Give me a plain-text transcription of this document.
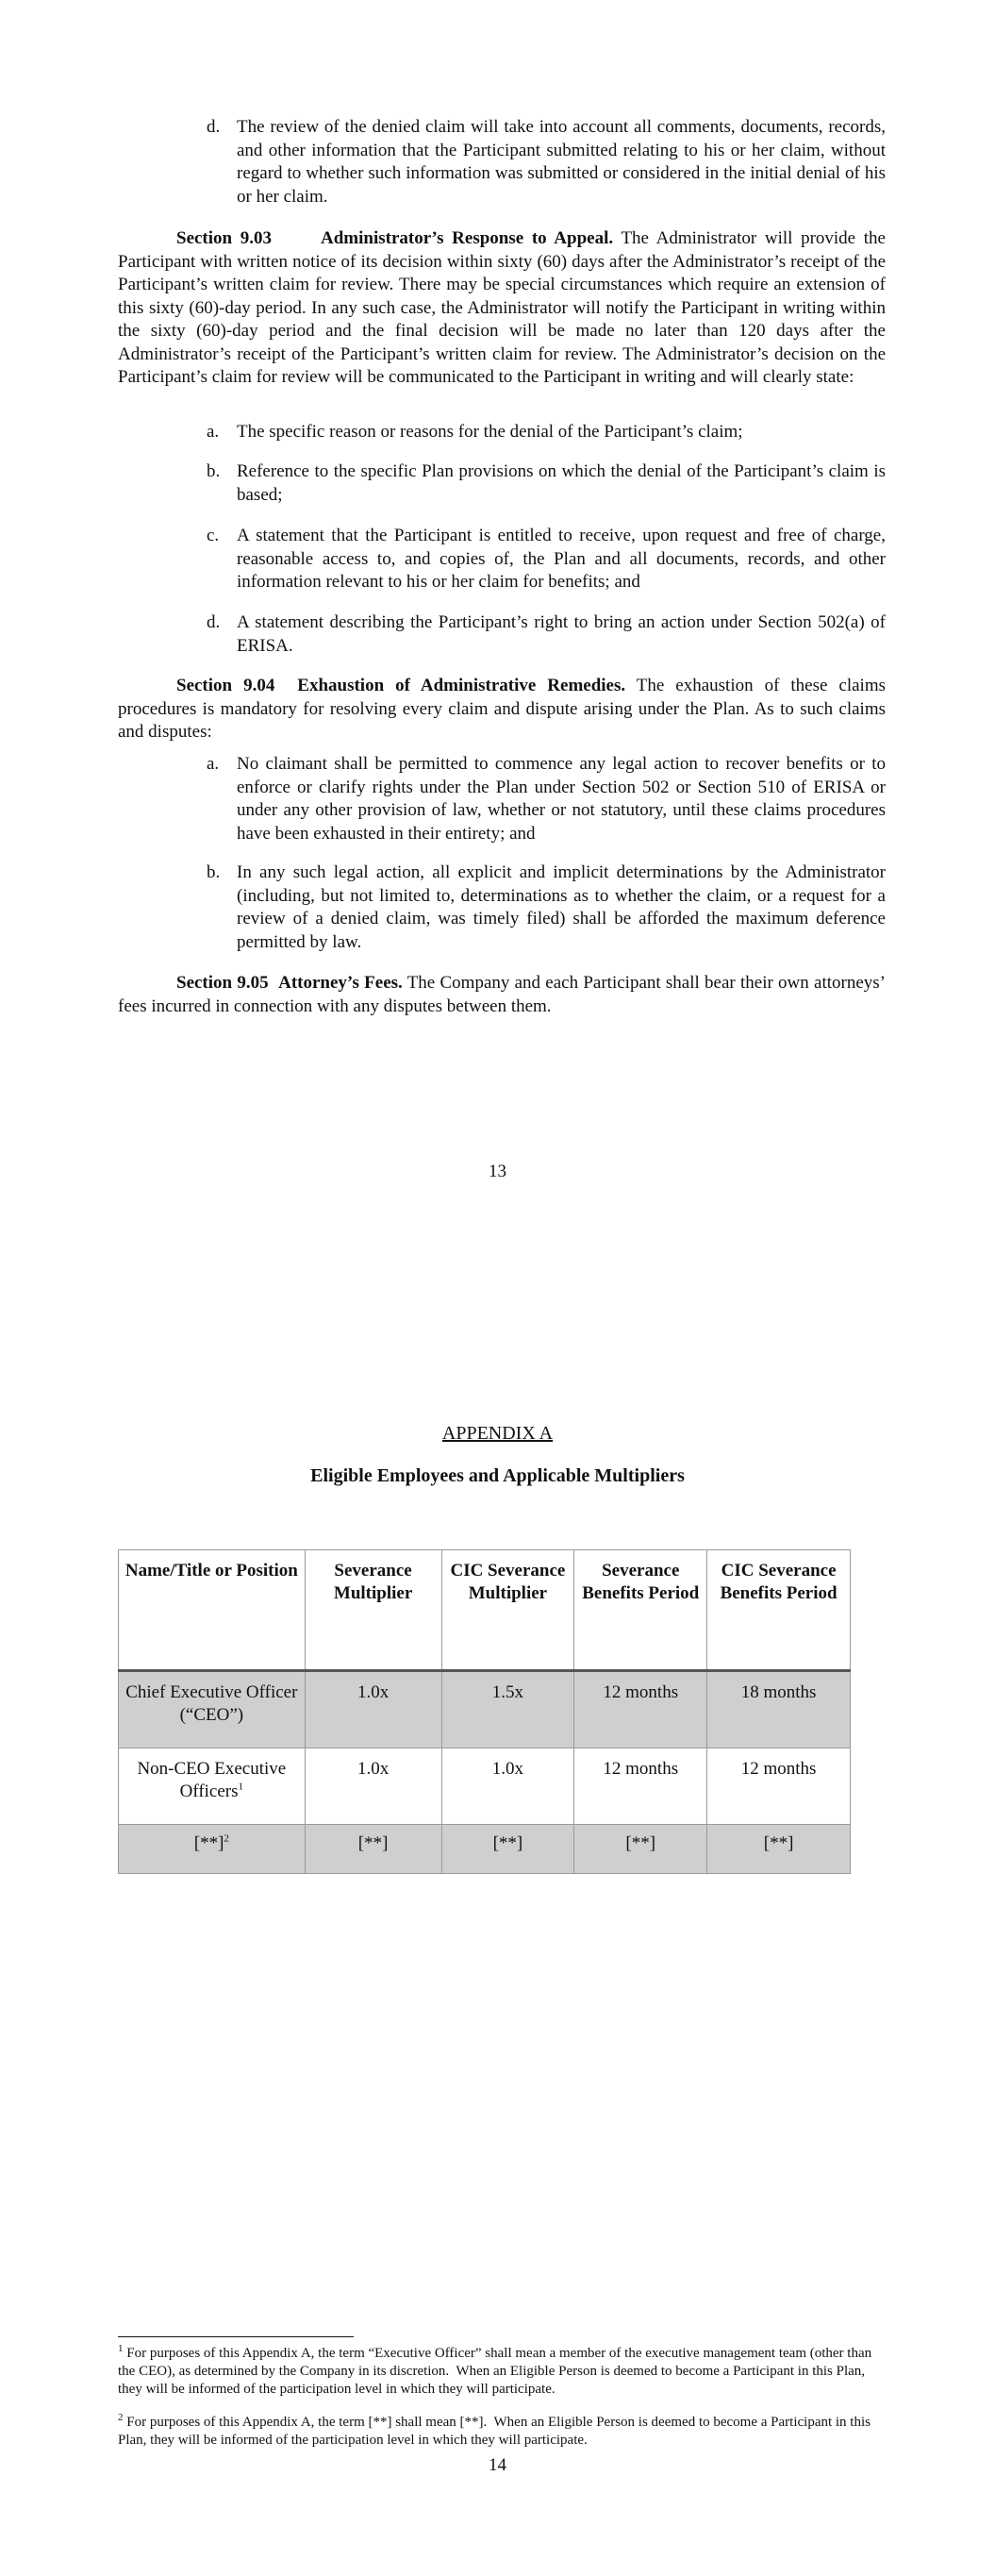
d. The review of the denied claim will take into account all comments, documents, records, and other information that the Participant submitted relating to his or her claim, without regard to whether such information was submitted or considered in the initial denial of his or her claim.
Section 9.03      Administrator’s Response to Appeal. The Administrator will provide the Participant with written notice of its decision within sixty (60) days after the Administrator’s receipt of the Participant’s written claim for review. There may be special circumstances which require an extension of this sixty (60)-day period. In any such case, the Administrator will notify the Participant in writing within the sixty (60)-day period and the final decision will be made no later than 120 days after the Administrator’s receipt of the Participant’s written claim for review. The Administrator’s decision on the Participant’s claim for review will be communicated to the Participant in writing and will clearly state:
a. The specific reason or reasons for the denial of the Participant’s claim;
b. Reference to the specific Plan provisions on which the denial of the Participant’s claim is based;
c. A statement that the Participant is entitled to receive, upon request and free of charge, reasonable access to, and copies of, the Plan and all documents, records, and other information relevant to his or her claim for benefits; and
d. A statement describing the Participant’s right to bring an action under Section 502(a) of ERISA.
Section 9.04  Exhaustion of Administrative Remedies. The exhaustion of these claims procedures is mandatory for resolving every claim and dispute arising under the Plan. As to such claims and disputes:
a. No claimant shall be permitted to commence any legal action to recover benefits or to enforce or clarify rights under the Plan under Section 502 or Section 510 of ERISA or under any other provision of law, whether or not statutory, until these claims procedures have been exhausted in their entirety; and
b. In any such legal action, all explicit and implicit determinations by the Administrator (including, but not limited to, determinations as to whether the claim, or a request for a review of a denied claim, was timely filed) shall be afforded the maximum deference permitted by law.
Section 9.05  Attorney’s Fees. The Company and each Participant shall bear their own attorneys’ fees incurred in connection with any disputes between them.
13
APPENDIX A
Eligible Employees and Applicable Multipliers
Name/Title or Position	Severance Multiplier	CIC Severance Multiplier	Severance Benefits Period	CIC Severance Benefits Period
Chief Executive Officer (“CEO”)	1.0x	1.5x	12 months	18 months
Non-CEO Executive Officers$^1$	1.0x	1.0x	12 months	12 months
$[**]^2$	[**]	[**]	[**]	[**]
$^1$ For purposes of this Appendix A, the term “Executive Officer” shall mean a member of the executive management team (other than the CEO), as determined by the Company in its discretion.  When an Eligible Person is deemed to become a Participant in this Plan, they will be informed of the participation level in which they will participate.
$^2$ For purposes of this Appendix A, the term [**] shall mean [**].  When an Eligible Person is deemed to become a Participant in this Plan, they will be informed of the participation level in which they will participate.
14
